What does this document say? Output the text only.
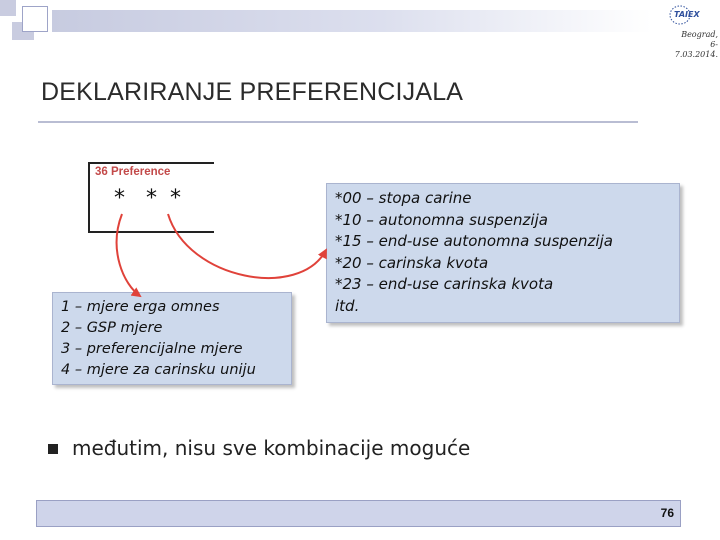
TAIEX
Beograd,
6-7.03.2014.
DEKLARIRANJE PREFERENCIJALA
36 Preference
* * *
1 – mjere erga omnes
2 – GSP mjere
3 – preferencijalne mjere
4 – mjere za carinsku uniju
*00 – stopa carine
*10 – autonomna suspenzija
*15 – end-use autonomna suspenzija
*20 – carinska kvota
*23 – end-use carinska kvota
itd.
međutim, nisu sve kombinacije moguće
76
